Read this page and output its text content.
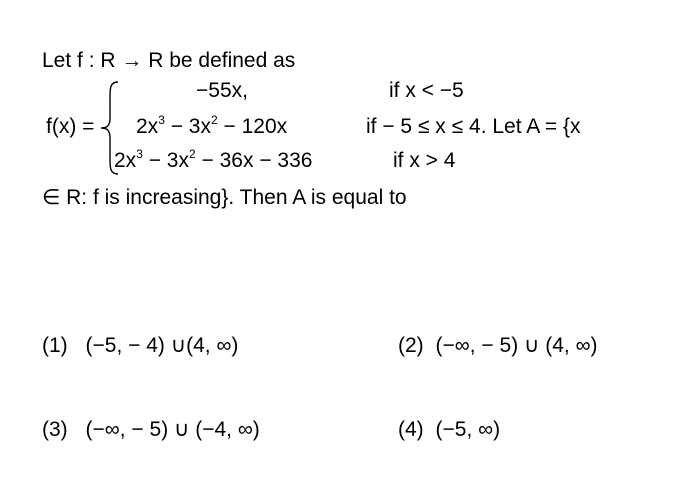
Let f : R → R be defined as
f(x) =
−55x,	if x < −5
$2x^3 - 3x^2 - 120x$	if − 5 ≤ x ≤ 4. Let A = {x
$2x^3 - 3x^2 - 36x - 336$	if x > 4
∈ R: f is increasing}. Then A is equal to
(1) (−5, − 4) ∪(4, ∞)	(2) (−∞, − 5) ∪ (4, ∞)
(3) (−∞, − 5) ∪ (−4, ∞)	(4) (−5, ∞)
